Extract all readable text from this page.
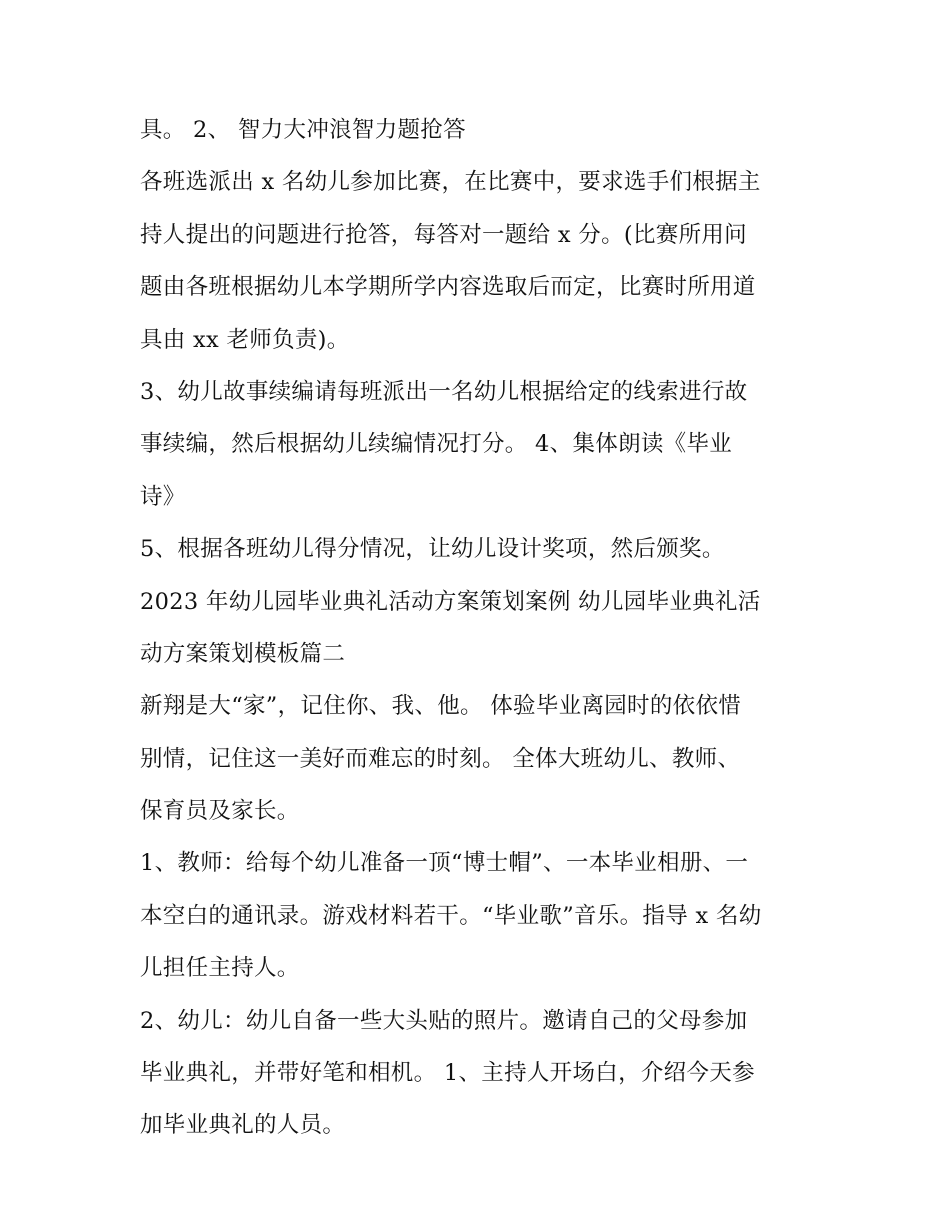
具。 2、 智力大冲浪智力题抢答
各班选派出 x 名幼儿参加比赛，在比赛中，要求选手们根据主
持人提出的问题进行抢答，每答对一题给 x 分。(比赛所用问
题由各班根据幼儿本学期所学内容选取后而定，比赛时所用道
具由 xx 老师负责)。
3、幼儿故事续编请每班派出一名幼儿根据给定的线索进行故
事续编，然后根据幼儿续编情况打分。 4、集体朗读《毕业
诗》
5、根据各班幼儿得分情况，让幼儿设计奖项，然后颁奖。
2023 年幼儿园毕业典礼活动方案策划案例 幼儿园毕业典礼活
动方案策划模板篇二
新翔是大“家”，记住你、我、他。 体验毕业离园时的依依惜
别情，记住这一美好而难忘的时刻。 全体大班幼儿、教师、
保育员及家长。
1、教师：给每个幼儿准备一顶“博士帽”、一本毕业相册、一
本空白的通讯录。游戏材料若干。“毕业歌”音乐。指导 x 名幼
儿担任主持人。
2、幼儿：幼儿自备一些大头贴的照片。邀请自己的父母参加
毕业典礼，并带好笔和相机。 1、主持人开场白，介绍今天参
加毕业典礼的人员。
